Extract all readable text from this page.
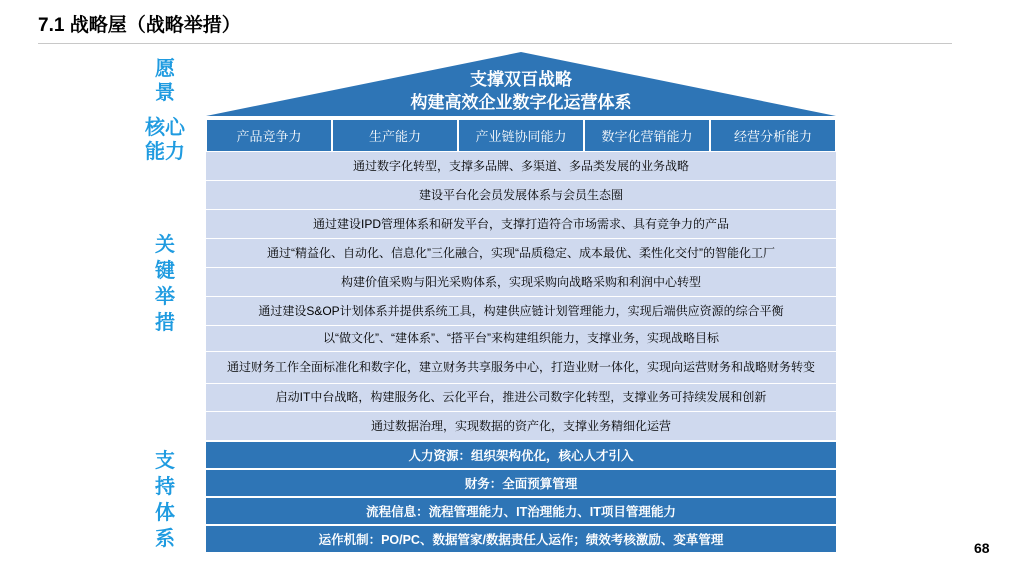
7.1 战略屋（战略举措）
愿
景
核心
能力
关
键
举
措
支
持
体
系
支撑双百战略
构建高效企业数字化运营体系
产品竞争力	生产能力	产业链协同能力	数字化营销能力	经营分析能力
通过数字化转型，支撑多品牌、多渠道、多品类发展的业务战略
建设平台化会员发展体系与会员生态圈
通过建设IPD管理体系和研发平台，支撑打造符合市场需求、具有竞争力的产品
通过“精益化、自动化、信息化”三化融合，实现“品质稳定、成本最优、柔性化交付”的智能化工厂
构建价值采购与阳光采购体系，实现采购向战略采购和利润中心转型
通过建设S&OP计划体系并提供系统工具，构建供应链计划管理能力，实现后端供应资源的综合平衡
以“做文化”、“建体系”、“搭平台”来构建组织能力，支撑业务，实现战略目标
通过财务工作全面标准化和数字化，建立财务共享服务中心，打造业财一体化，实现向运营财务和战略财务转变
启动IT中台战略，构建服务化、云化平台，推进公司数字化转型，支撑业务可持续发展和创新
通过数据治理，实现数据的资产化，支撑业务精细化运营
人力资源：组织架构优化，核心人才引入
财务：全面预算管理
流程信息：流程管理能力、IT治理能力、IT项目管理能力
运作机制：PO/PC、数据管家/数据责任人运作；绩效考核激励、变革管理	68
